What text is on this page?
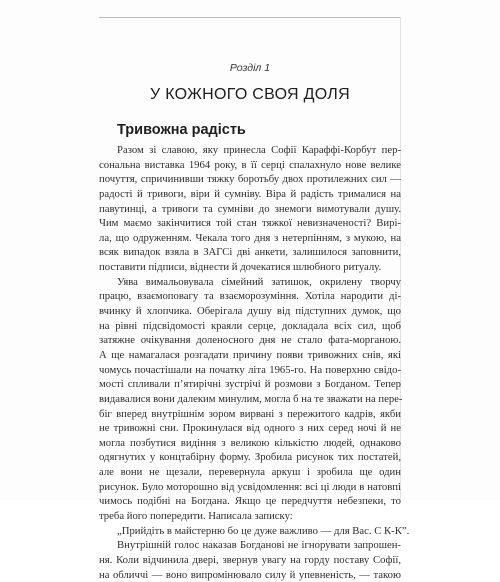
Розділ 1
У КОЖНОГО СВОЯ ДОЛЯ
Тривожна радість
Разом зі славою, яку принесла Софії Караффі-Корбут пер-
сональна виставка 1964 року, в її серці спалахнуло нове велике
почуття, спричинивши тяжку боротьбу двох протилежних сил —
радості й тривоги, віри й сумніву. Віра й радість трималися на
павутинці, а тривоги та сумніви до знемоги вимотували душу.
Чим маємо закінчитися той стан тяжкої невизначеності? Вирі-
ла, що одруженням. Чекала того дня з нетерпінням, з мукою, на
всяк випадок взяла в ЗАГСі дві анкети, залишилося заповнити,
поставити підписи, віднести й дочекатися шлюбного ритуалу.
Уява вимальовувала сімейний затишок, окрилену творчу
працю, взаємоповагу та взаєморозуміння. Хотіла народити ді-
вчинку й хлопчика. Оберігала душу від підступних думок, що
на рівні підсвідомості краяли серце, докладала всіх сил, щоб
затяжне очікування доленосного дня не стало фата-морганою.
А ще намагалася розгадати причину появи тривожних снів, які
чомусь почастішали на початку літа 1965-го. На поверхню свідо-
мості спливали п’ятирічні зустрічі й розмови з Богданом. Тепер
видавалися вони далеким минулим, могла б на те зважати на пере-
біг вперед внутрішнім зором вирвані з пережитого кадрів, якби
не тривожні сни. Прокинулася від одного з них серед ночі й не
могла позбутися видіння з великою кількістю людей, однаково
одягнутих у концтабірну форму. Зробила рисунок тих постатей,
але вони не щезали, перевернула аркуш і зробила ще один
рисунок. Було моторошно від усвідомлення: всі ці люди в натовпі
чимось подібні на Богдана. Якщо це передчуття небезпеки, то
треба його попередити. Написала записку:
„Прийдіть в майстерню бо це дуже важливо — для Вас. С К-К”.
Внутрішній голос наказав Богданові не ігнорувати запрошен-
ня. Коли відчинила двері, звернув увагу на горду поставу Софії,
на обличчі — воно випромінювало силу й упевненість, — такою
